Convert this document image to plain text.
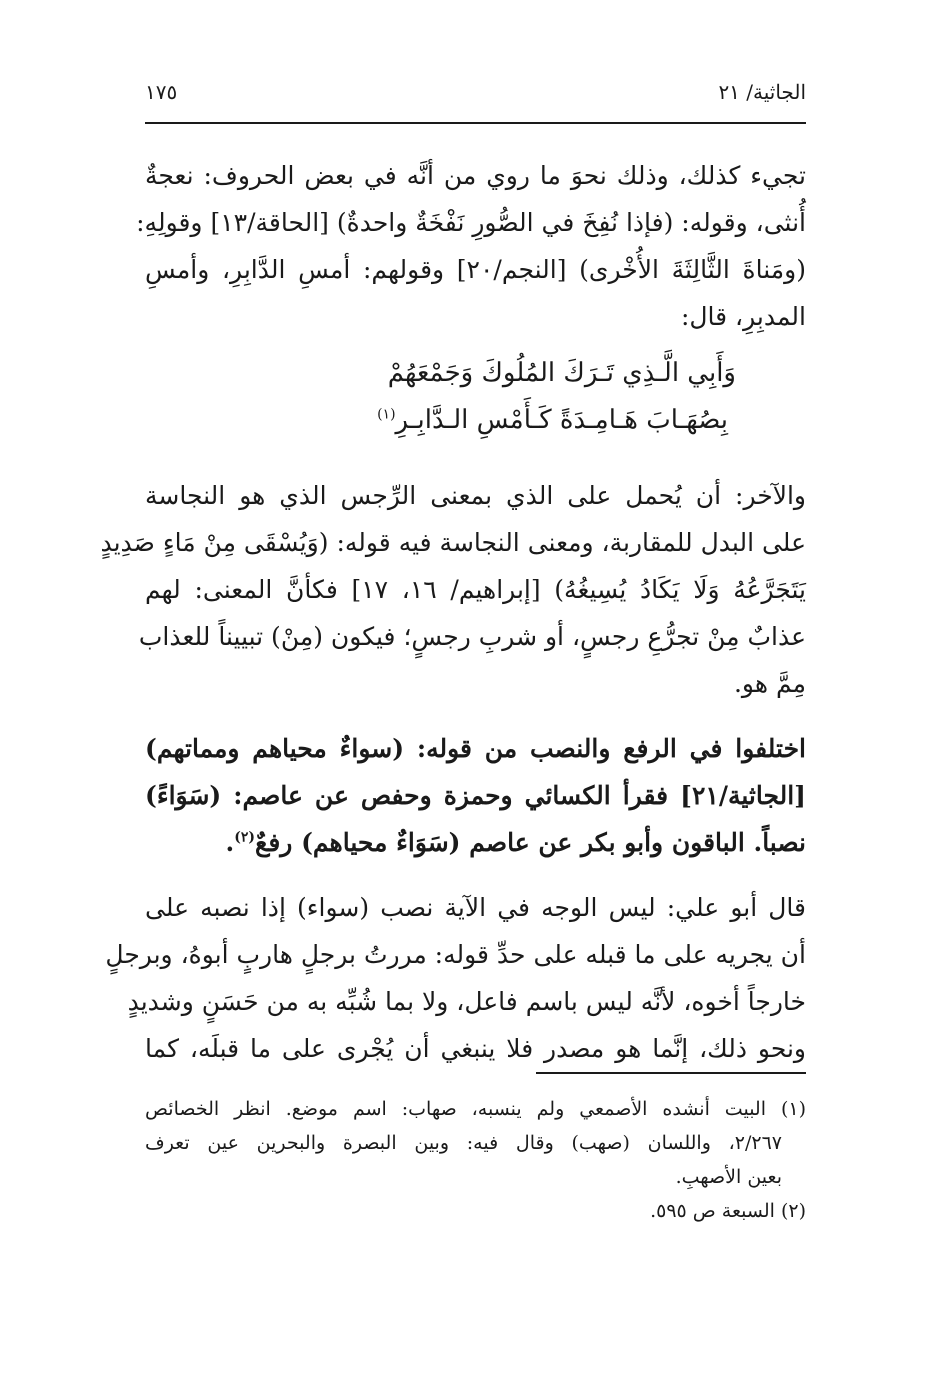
الجاثية/ ٢١
١٧٥
تجيء كذلك، وذلك نحوَ ما روي من أنَّه في بعض الحروف: نعجةٌ
أُنثى، وقوله: (فإذا نُفِخَ في الصُّورِ نَفْخَةٌ واحدةٌ) [الحاقة/١٣] وقولِهِ:
(ومَناةَ الثَّالِثَةَ الأُخْرى) [النجم/٢٠] وقولهم: أمسِ الدَّابِرِ، وأمسِ
المدبِرِ، قال:
وَأَبِي الَّـذِي تَـرَكَ المُلُوكَ وَجَمْعَهُمْ
بِصُهَـابَ هَـامِـدَةً كَـأَمْسِ الـدَّابِـرِ$^{(١)}$
والآخر: أن يُحمل على الذي بمعنى الرِّجس الذي هو النجاسة
على البدل للمقاربة، ومعنى النجاسة فيه قوله: (وَيُسْقَى مِنْ مَاءٍ صَدِيدٍ
يَتَجَرَّعُهُ وَلَا يَكَادُ يُسِيغُهُ) [إبراهيم/ ١٦، ١٧] فكأنَّ المعنى: لهم
عذابٌ مِنْ تجرُّعِ رجسٍ، أو شربِ رجسٍ؛ فيكون (مِنْ) تبييناً للعذاب
مِمَّ هو.
اختلفوا في الرفع والنصب من قوله: (سواءٌ محياهم ومماتهم)
[الجاثية/٢١] فقرأ الكسائي وحمزة وحفص عن عاصم: (سَوَاءً)
نصباً. الباقون وأبو بكر عن عاصم (سَوَاءٌ محياهم) رفعٌ$^{(٢)}$.
قال أبو علي: ليس الوجه في الآية نصب (سواء) إذا نصبه على
أن يجريه على ما قبله على حدِّ قوله: مررتُ برجلٍ هاربٍ أبوهُ، وبرجلٍ
خارجاً أخوه، لأنَّه ليس باسم فاعل، ولا بما شُبِّه به من حَسَنٍ وشديدٍ
ونحو ذلك، إنَّما هو مصدر فلا ينبغي أن يُجْرى على ما قبلَه، كما
(١) البيت أنشده الأصمعي ولم ينسبه، صهاب: اسم موضع. انظر الخصائص
٢/٢٦٧، واللسان (صهب) وقال فيه: وبين البصرة والبحرين عين تعرف
بعين الأصهبِ.
(٢) السبعة ص ٥٩٥.
